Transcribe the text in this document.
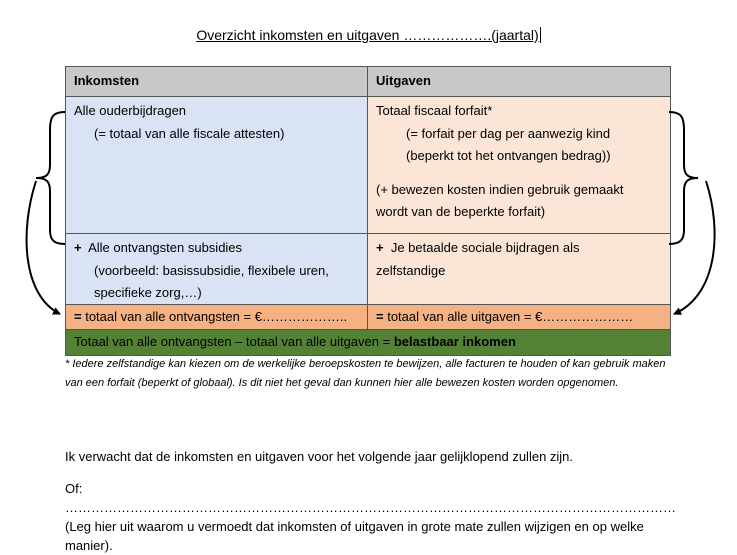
Overzicht inkomsten en uitgaven ……………….(jaartal)
Inkomsten	Uitgaven
Alle ouderbijdragen
(= totaal van alle fiscale attesten)
Totaal fiscaal forfait*
(= forfait per dag per aanwezig kind
(beperkt tot het ontvangen bedrag))
(+ bewezen kosten indien gebruik gemaakt
wordt van de beperkte forfait)
+ Alle ontvangsten subsidies
(voorbeeld: basissubsidie, flexibele uren,
specifieke zorg,…)
+ Je betaalde sociale bijdragen als
zelfstandige
= totaal van alle ontvangsten = €………………..	= totaal van alle uitgaven = €…………………
Totaal van alle ontvangsten – totaal van alle uitgaven = belastbaar inkomen
* Iedere zelfstandige kan kiezen om de werkelijke beroepskosten te bewijzen, alle facturen te houden of kan gebruik maken van een forfait (beperkt of globaal). Is dit niet het geval dan kunnen hier alle bewezen kosten worden opgenomen.
Ik verwacht dat de inkomsten en uitgaven voor het volgende jaar gelijklopend zullen zijn.
Of: …………………………………………………………………………………………………………………………… (Leg hier uit waarom u vermoedt dat inkomsten of uitgaven in grote mate zullen wijzigen en op welke manier).
